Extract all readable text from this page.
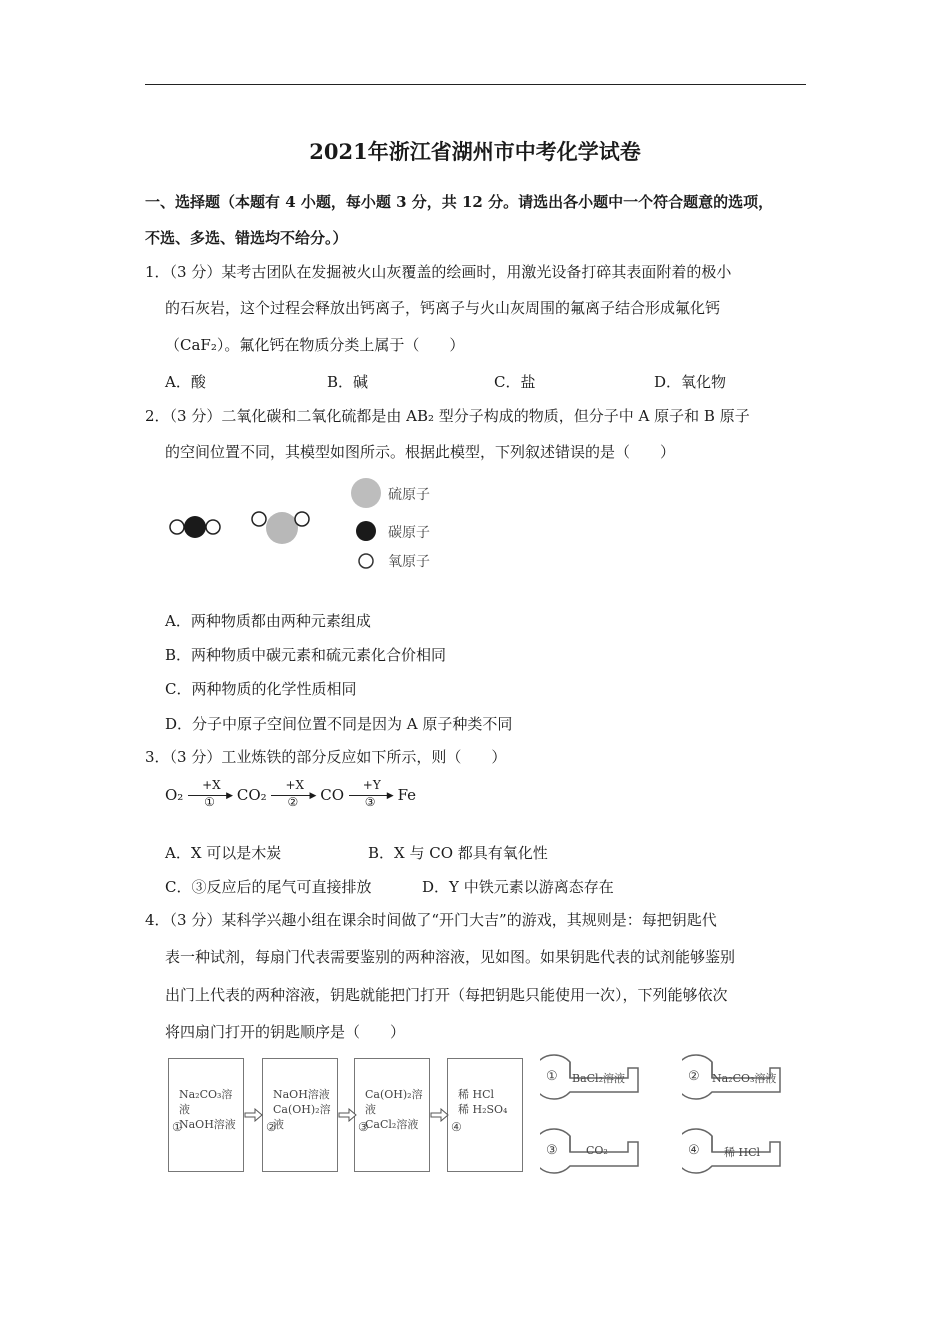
2021年浙江省湖州市中考化学试卷
一、选择题（本题有 4 小题，每小题 3 分，共 12 分。请选出各小题中一个符合题意的选项，
不选、多选、错选均不给分。）
1．（3 分）某考古团队在发掘被火山灰覆盖的绘画时，用激光设备打碎其表面附着的极小
的石灰岩，这个过程会释放出钙离子，钙离子与火山灰周围的氟离子结合形成氟化钙
（CaF₂）。氟化钙在物质分类上属于（　　）
A．酸	B．碱	C．盐	D．氧化物
2．（3 分）二氧化碳和二氧化硫都是由 AB₂ 型分子构成的物质，但分子中 A 原子和 B 原子
的空间位置不同，其模型如图所示。根据此模型，下列叙述错误的是（　　）
硫原子
碳原子
氧原子
A．两种物质都由两种元素组成
B．两种物质中碳元素和硫元素化合价相同
C．两种物质的化学性质相同
D．分子中原子空间位置不同是因为 A 原子种类不同
3．（3 分）工业炼铁的部分反应如下所示，则（　　）
O₂
+X
▶
① CO₂
+X
▶
② CO
+Y
▶
③ Fe
A．X 可以是木炭	B．X 与 CO 都具有氧化性
C．③反应后的尾气可直接排放	D．Y 中铁元素以游离态存在
4．（3 分）某科学兴趣小组在课余时间做了“开门大吉”的游戏，其规则是：每把钥匙代
表一种试剂，每扇门代表需要鉴别的两种溶液，见如图。如果钥匙代表的试剂能够鉴别
出门上代表的两种溶液，钥匙就能把门打开（每把钥匙只能使用一次），下列能够依次
将四扇门打开的钥匙顺序是（　　）
Na₂CO₃溶液
NaOH溶液
①
NaOH溶液
Ca(OH)₂溶液
②
Ca(OH)₂溶液
CaCl₂溶液
③
稀 HCl
稀 H₂SO₄
④
① BaCl₂溶液	② Na₂CO₃溶液
③	CO₂	④ 稀 HCl
